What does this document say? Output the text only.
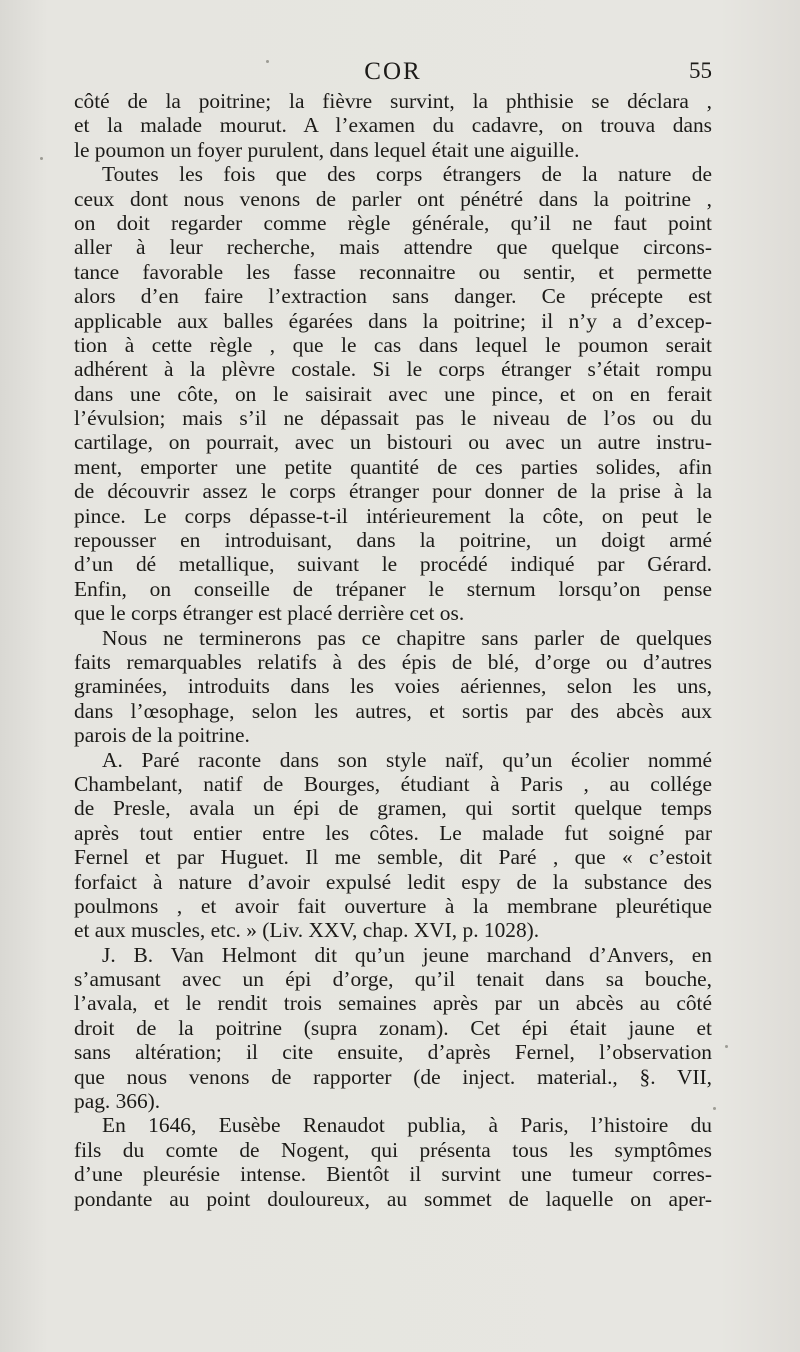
COR	55
côté de la poitrine; la fièvre survint, la phthisie se déclara ,
et la malade mourut. A l’examen du cadavre, on trouva dans
le poumon un foyer purulent, dans lequel était une aiguille.
Toutes les fois que des corps étrangers de la nature de
ceux dont nous venons de parler ont pénétré dans la poitrine ,
on doit regarder comme règle générale, qu’il ne faut point
aller à leur recherche, mais attendre que quelque circons-
tance favorable les fasse reconnaitre ou sentir, et permette
alors d’en faire l’extraction sans danger. Ce précepte est
applicable aux balles égarées dans la poitrine; il n’y a d’excep-
tion à cette règle , que le cas dans lequel le poumon serait
adhérent à la plèvre costale. Si le corps étranger s’était rompu
dans une côte, on le saisirait avec une pince, et on en ferait
l’évulsion; mais s’il ne dépassait pas le niveau de l’os ou du
cartilage, on pourrait, avec un bistouri ou avec un autre instru-
ment, emporter une petite quantité de ces parties solides, afin
de découvrir assez le corps étranger pour donner de la prise à la
pince. Le corps dépasse-t-il intérieurement la côte, on peut le
repousser en introduisant, dans la poitrine, un doigt armé
d’un dé metallique, suivant le procédé indiqué par Gérard.
Enfin, on conseille de trépaner le sternum lorsqu’on pense
que le corps étranger est placé derrière cet os.
Nous ne terminerons pas ce chapitre sans parler de quelques
faits remarquables relatifs à des épis de blé, d’orge ou d’autres
graminées, introduits dans les voies aériennes, selon les uns,
dans l’œsophage, selon les autres, et sortis par des abcès aux
parois de la poitrine.
A. Paré raconte dans son style naïf, qu’un écolier nommé
Chambelant, natif de Bourges, étudiant à Paris , au collége
de Presle, avala un épi de gramen, qui sortit quelque temps
après tout entier entre les côtes. Le malade fut soigné par
Fernel et par Huguet. Il me semble, dit Paré , que « c’estoit
forfaict à nature d’avoir expulsé ledit espy de la substance des
poulmons , et avoir fait ouverture à la membrane pleurétique
et aux muscles, etc. » (Liv. XXV, chap. XVI, p. 1028).
J. B. Van Helmont dit qu’un jeune marchand d’Anvers, en
s’amusant avec un épi d’orge, qu’il tenait dans sa bouche,
l’avala, et le rendit trois semaines après par un abcès au côté
droit de la poitrine (supra zonam). Cet épi était jaune et
sans altération; il cite ensuite, d’après Fernel, l’observation
que nous venons de rapporter (de inject. material., §. VII,
pag. 366).
En 1646, Eusèbe Renaudot publia, à Paris, l’histoire du
fils du comte de Nogent, qui présenta tous les symptômes
d’une pleurésie intense. Bientôt il survint une tumeur corres-
pondante au point douloureux, au sommet de laquelle on aper-
